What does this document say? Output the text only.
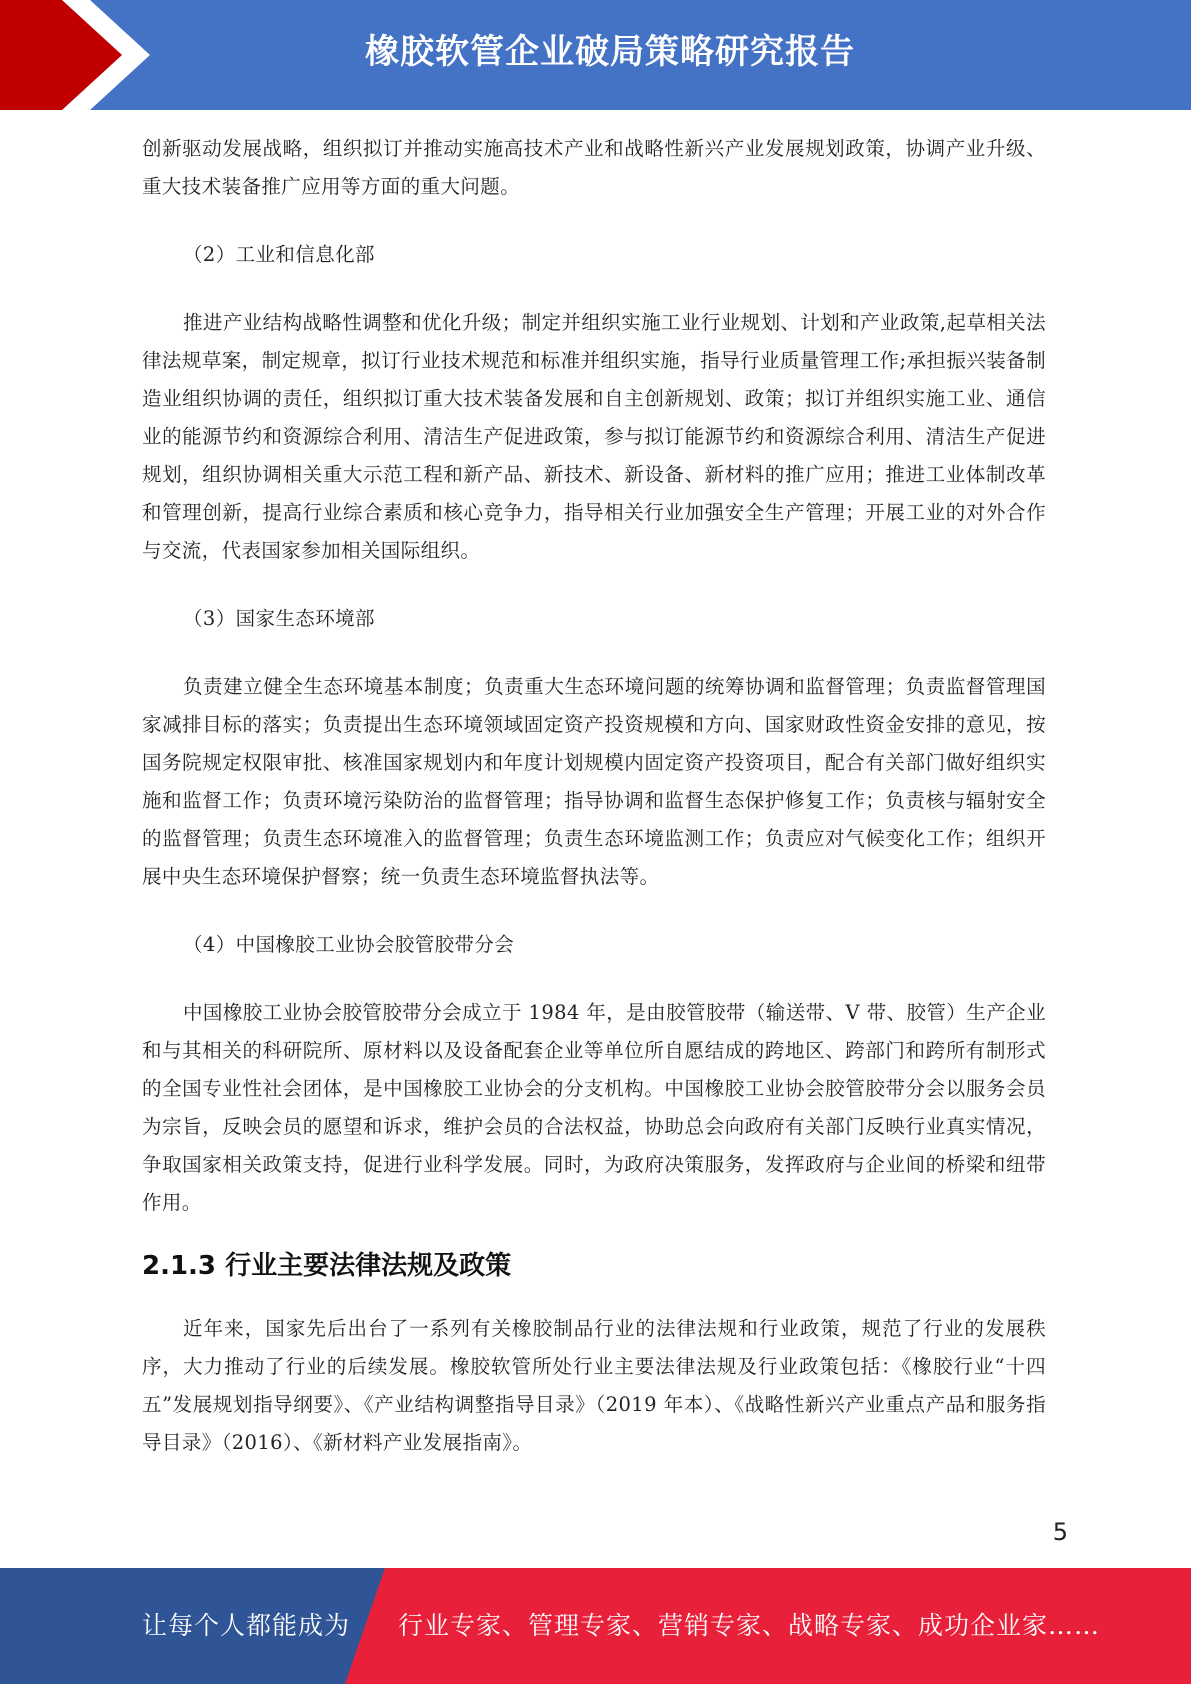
橡胶软管企业破局策略研究报告

创新驱动发展战略，组织拟订并推动实施高技术产业和战略性新兴产业发展规划政策，协调产业升级、重大技术装备推广应用等方面的重大问题。

（2）工业和信息化部

推进产业结构战略性调整和优化升级；制定并组织实施工业行业规划、计划和产业政策,起草相关法律法规草案，制定规章，拟订行业技术规范和标准并组织实施，指导行业质量管理工作;承担振兴装备制造业组织协调的责任，组织拟订重大技术装备发展和自主创新规划、政策；拟订并组织实施工业、通信业的能源节约和资源综合利用、清洁生产促进政策，参与拟订能源节约和资源综合利用、清洁生产促进规划，组织协调相关重大示范工程和新产品、新技术、新设备、新材料的推广应用；推进工业体制改革和管理创新，提高行业综合素质和核心竞争力，指导相关行业加强安全生产管理；开展工业的对外合作与交流，代表国家参加相关国际组织。

（3）国家生态环境部

负责建立健全生态环境基本制度；负责重大生态环境问题的统筹协调和监督管理；负责监督管理国家减排目标的落实；负责提出生态环境领域固定资产投资规模和方向、国家财政性资金安排的意见，按国务院规定权限审批、核准国家规划内和年度计划规模内固定资产投资项目，配合有关部门做好组织实施和监督工作；负责环境污染防治的监督管理；指导协调和监督生态保护修复工作；负责核与辐射安全的监督管理；负责生态环境准入的监督管理；负责生态环境监测工作；负责应对气候变化工作；组织开展中央生态环境保护督察；统一负责生态环境监督执法等。

（4）中国橡胶工业协会胶管胶带分会

中国橡胶工业协会胶管胶带分会成立于 1984 年，是由胶管胶带（输送带、V 带、胶管）生产企业和与其相关的科研院所、原材料以及设备配套企业等单位所自愿结成的跨地区、跨部门和跨所有制形式的全国专业性社会团体，是中国橡胶工业协会的分支机构。中国橡胶工业协会胶管胶带分会以服务会员为宗旨，反映会员的愿望和诉求，维护会员的合法权益，协助总会向政府有关部门反映行业真实情况，争取国家相关政策支持，促进行业科学发展。同时，为政府决策服务，发挥政府与企业间的桥梁和纽带作用。

2.1.3 行业主要法律法规及政策

近年来，国家先后出台了一系列有关橡胶制品行业的法律法规和行业政策，规范了行业的发展秩序，大力推动了行业的后续发展。橡胶软管所处行业主要法律法规及行业政策包括：《橡胶行业“十四五”发展规划指导纲要》、《产业结构调整指导目录》（2019 年本）、《战略性新兴产业重点产品和服务指导目录》（2016）、《新材料产业发展指南》。

5
让每个人都能成为 行业专家、管理专家、营销专家、战略专家、成功企业家……
